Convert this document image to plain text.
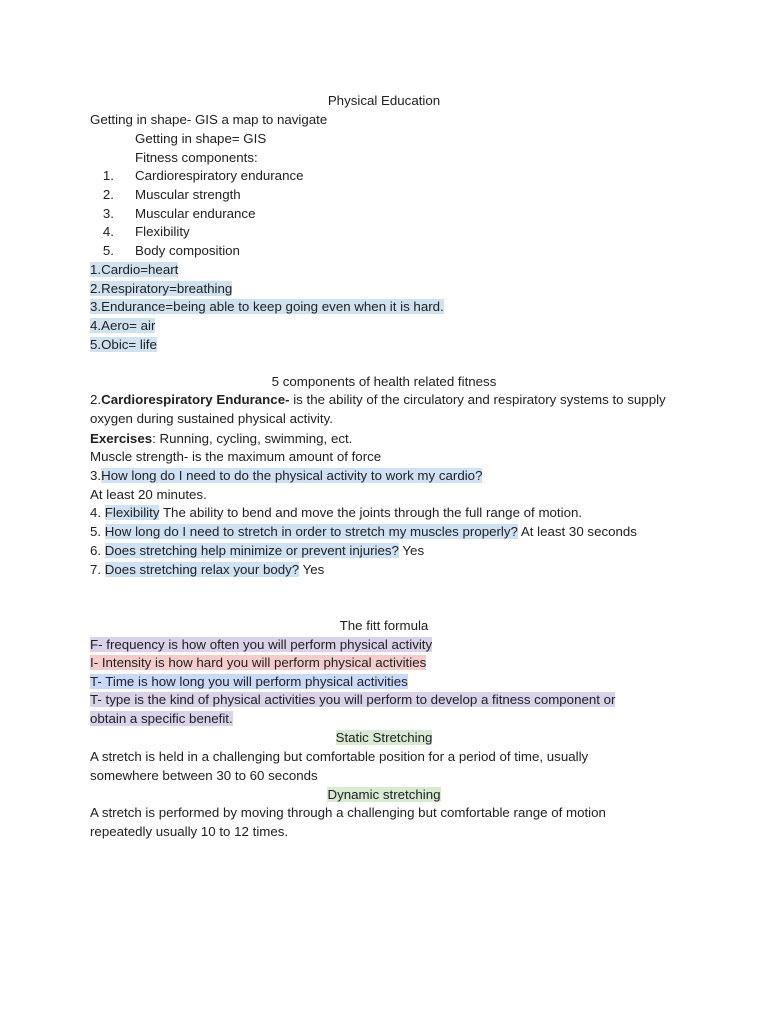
Physical Education
Getting in shape- GIS a map to navigate
Getting in shape= GIS
Fitness components:
1. Cardiorespiratory endurance
2. Muscular strength
3. Muscular endurance
4. Flexibility
5. Body composition
1.Cardio=heart
2.Respiratory=breathing
3.Endurance=being able to keep going even when it is hard.
4.Aero= air
5.Obic= life
5 components of health related fitness
2.Cardiorespiratory Endurance- is the ability of the circulatory and respiratory systems to supply oxygen during sustained physical activity.
Exercises: Running, cycling, swimming, ect.
Muscle strength- is the maximum amount of force
3.How long do I need to do the physical activity to work my cardio?
At least 20 minutes.
4. Flexibility The ability to bend and move the joints through the full range of motion.
5. How long do I need to stretch in order to stretch my muscles properly? At least 30 seconds
6. Does stretching help minimize or prevent injuries? Yes
7. Does stretching relax your body? Yes
The fitt formula
F- frequency is how often you will perform physical activity
I- Intensity is how hard you will perform physical activities
T- Time is how long you will perform physical activities
T- type is the kind of physical activities you will perform to develop a fitness component or obtain a specific benefit.
Static Stretching
A stretch is held in a challenging but comfortable position for a period of time, usually somewhere between 30 to 60 seconds
Dynamic stretching
A stretch is performed by moving through a challenging but comfortable range of motion repeatedly usually 10 to 12 times.
